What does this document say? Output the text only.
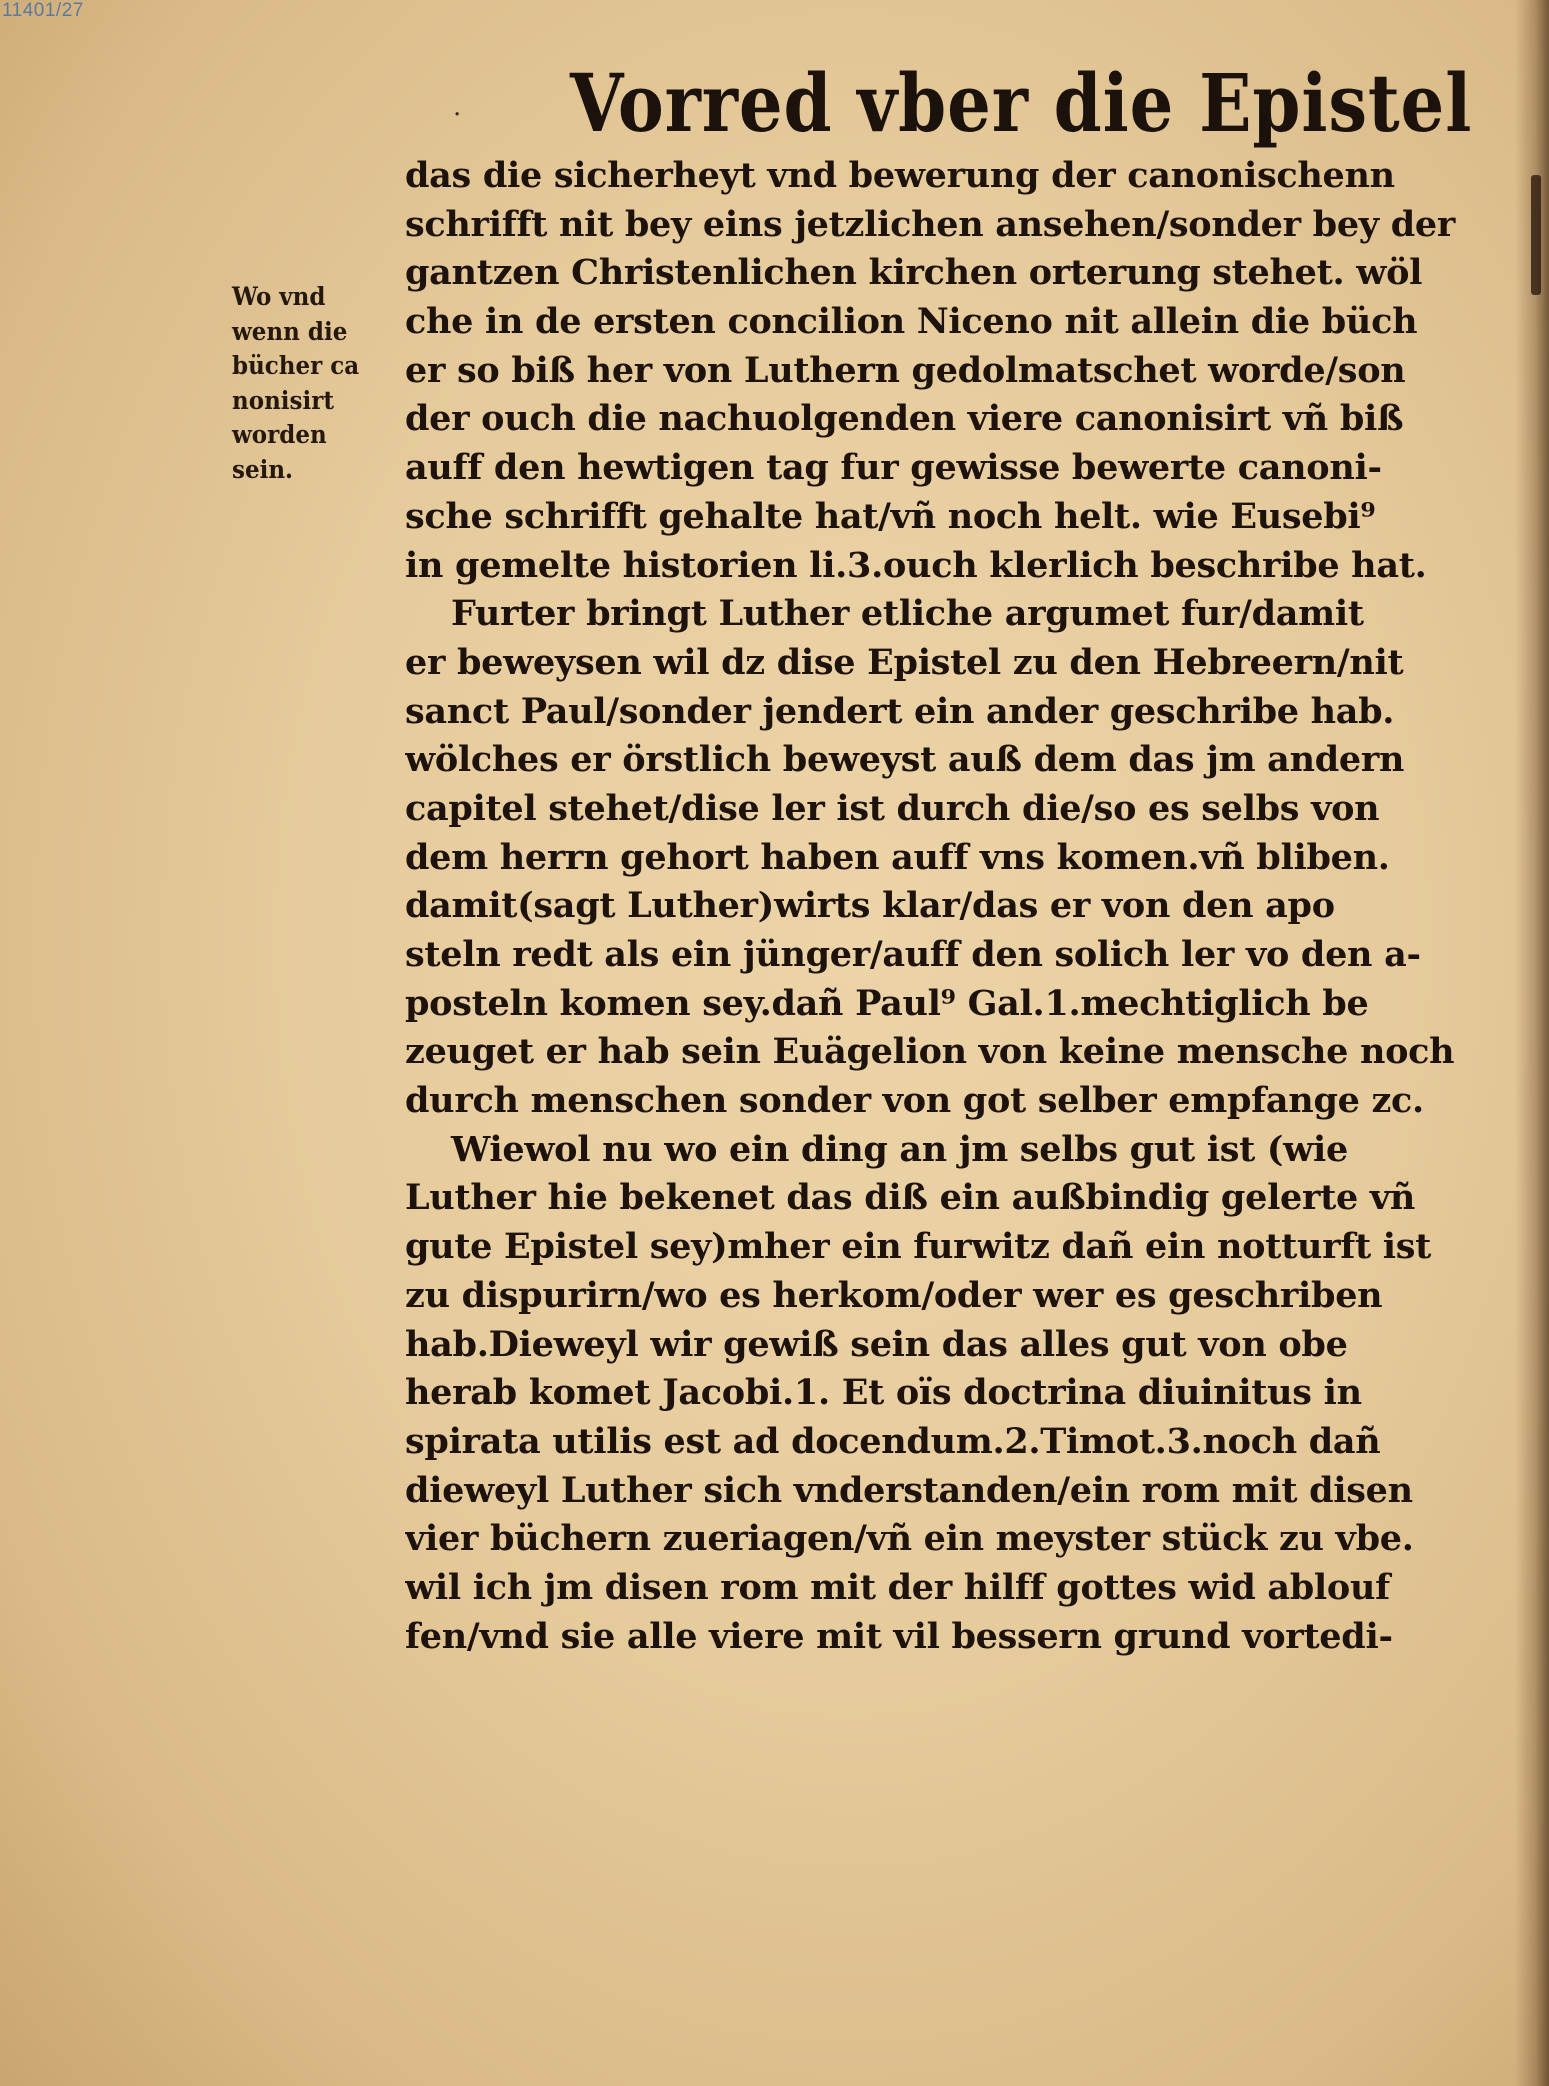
11401/27
. Vorred vber die Epistel
Wo vnd
wenn die
bücher ca
nonisirt
worden
sein.
das die sicherheyt vnd bewerung der canonischenn
schrifft nit bey eins jetzlichen ansehen/sonder bey der
gantzen Christenlichen kirchen orterung stehet. wöl
che in de ersten concilion Niceno nit allein die büch
er so biß her von Luthern gedolmatschet worde/son
der ouch die nachuolgenden viere canonisirt vñ biß
auff den hewtigen tag fur gewisse bewerte canoni-
sche schrifft gehalte hat/vñ noch helt. wie Eusebi⁹
in gemelte historien li.3.ouch klerlich beschribe hat.
Furter bringt Luther etliche argumet fur/damit
er beweysen wil dz dise Epistel zu den Hebreern/nit
sanct Paul/sonder jendert ein ander geschribe hab.
wölches er örstlich beweyst auß dem das jm andern
capitel stehet/dise ler ist durch die/so es selbs von
dem herrn gehort haben auff vns komen.vñ bliben.
damit(sagt Luther)wirts klar/das er von den apo
steln redt als ein jünger/auff den solich ler vo den a-
posteln komen sey.dañ Paul⁹ Gal.1.mechtiglich be
zeuget er hab sein Euägelion von keine mensche noch
durch menschen sonder von got selber empfange zc.
Wiewol nu wo ein ding an jm selbs gut ist (wie
Luther hie bekenet das diß ein außbindig gelerte vñ
gute Epistel sey)mher ein furwitz dañ ein notturft ist
zu dispurirn/wo es herkom/oder wer es geschriben
hab.Dieweyl wir gewiß sein das alles gut von obe
herab komet Jacobi.1. Et oïs doctrina diuinitus in
spirata utilis est ad docendum.2.Timot.3.noch dañ
dieweyl Luther sich vnderstanden/ein rom mit disen
vier büchern zueriagen/vñ ein meyster stück zu vbe.
wil ich jm disen rom mit der hilff gottes wid ablouf
fen/vnd sie alle viere mit vil bessern grund vortedi-
